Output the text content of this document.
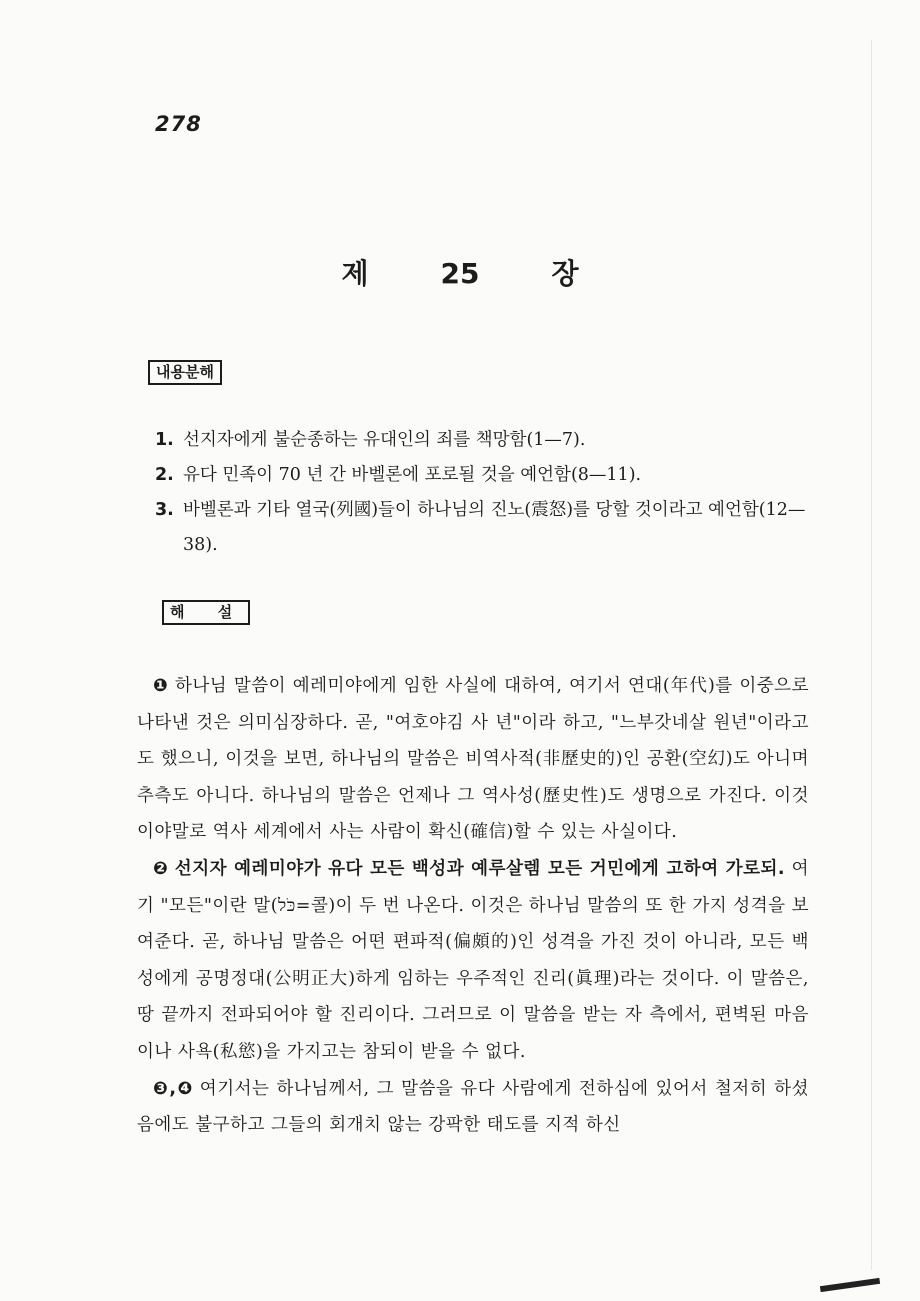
278
제	25	장
내용분해
1. 선지자에게 불순종하는 유대인의 죄를 책망함(1—7).
2. 유다 민족이 70 년 간 바벨론에 포로될 것을 예언함(8—11).
3. 바벨론과 기타 열국(列國)들이 하나님의 진노(震怒)를 당할 것이라고 예언함(12—38).
해 설

❶ 하나님 말씀이 예레미야에게 임한 사실에 대하여, 여기서 연대(年代)를 이중으로 나타낸 것은 의미심장하다. 곧, "여호야김 사 년"이라 하고, "느부갓네살 원년"이라고도 했으니, 이것을 보면, 하나님의 말씀은 비역사적(非歷史的)인 공환(空幻)도 아니며 추측도 아니다. 하나님의 말씀은 언제나 그 역사성(歷史性)도 생명으로 가진다. 이것이야말로 역사 세계에서 사는 사람이 확신(確信)할 수 있는 사실이다.

❷ 선지자 예레미야가 유다 모든 백성과 예루살렘 모든 거민에게 고하여 가로되. 여기 "모든"이란 말(כֹּל=콜)이 두 번 나온다. 이것은 하나님 말씀의 또 한 가지 성격을 보여준다. 곧, 하나님 말씀은 어떤 편파적(偏頗的)인 성격을 가진 것이 아니라, 모든 백성에게 공명정대(公明正大)하게 임하는 우주적인 진리(眞理)라는 것이다. 이 말씀은, 땅 끝까지 전파되어야 할 진리이다. 그러므로 이 말씀을 받는 자 측에서, 편벽된 마음이나 사욕(私慾)을 가지고는 참되이 받을 수 없다.

❸,❹ 여기서는 하나님께서, 그 말씀을 유다 사람에게 전하심에 있어서 철저히 하셨음에도 불구하고 그들의 회개치 않는 강팍한 태도를 지적 하신
